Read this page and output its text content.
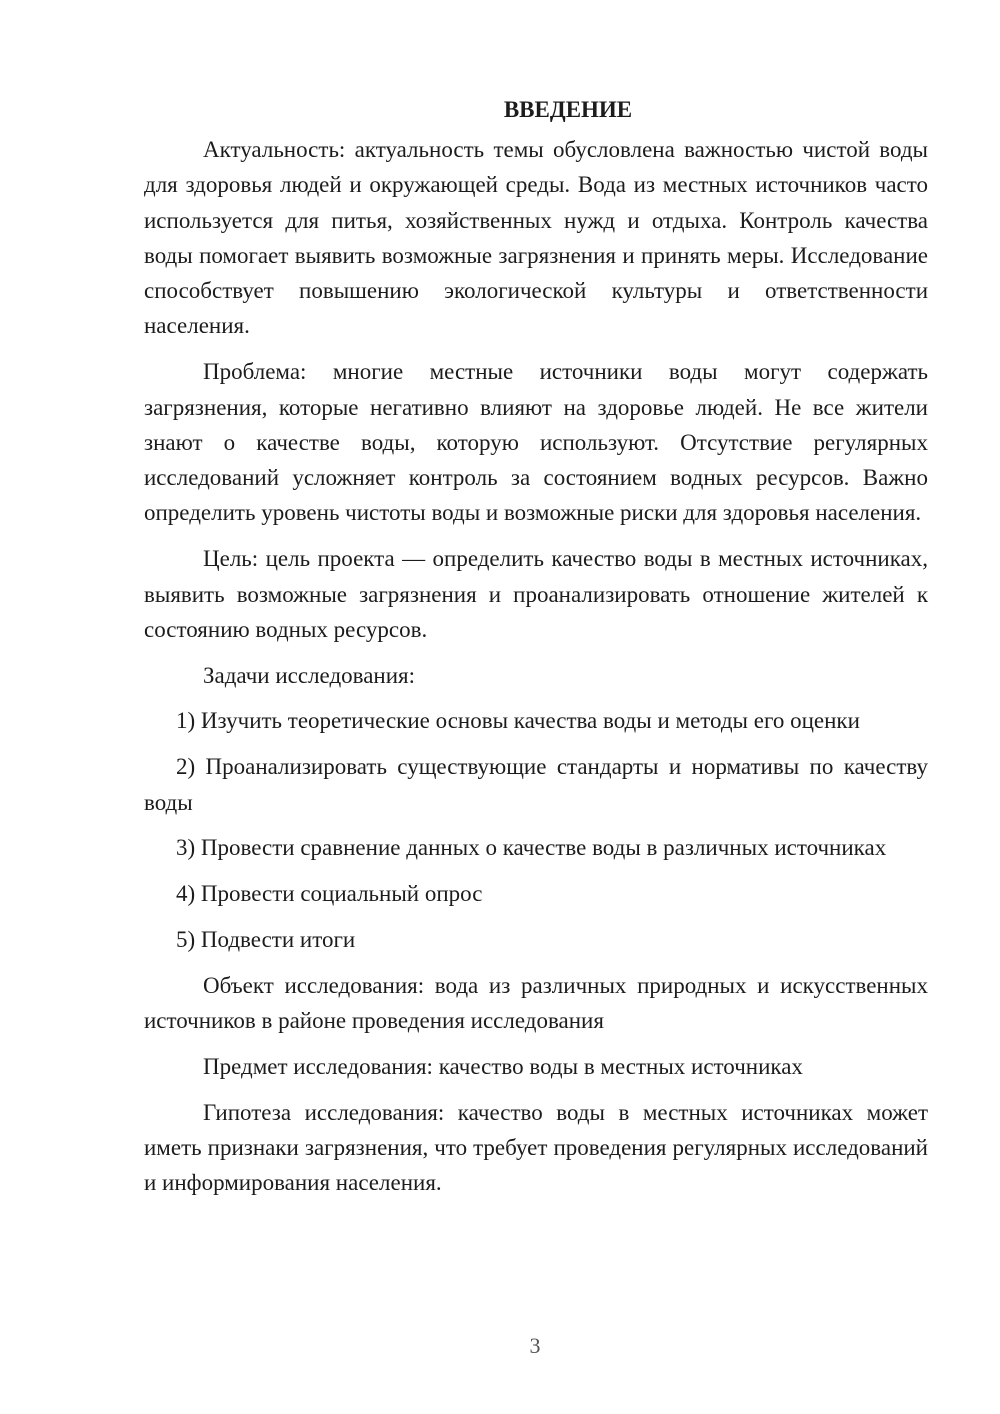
ВВЕДЕНИЕ

Актуальность: актуальность темы обусловлена важностью чистой воды для здоровья людей и окружающей среды. Вода из местных источников часто используется для питья, хозяйственных нужд и отдыха. Контроль качества воды помогает выявить возможные загрязнения и принять меры. Исследование способствует повышению экологической культуры и ответственности населения.

Проблема: многие местные источники воды могут содержать загрязнения, которые негативно влияют на здоровье людей. Не все жители знают о качестве воды, которую используют. Отсутствие регулярных исследований усложняет контроль за состоянием водных ресурсов. Важно определить уровень чистоты воды и возможные риски для здоровья населения.

Цель: цель проекта — определить качество воды в местных источниках, выявить возможные загрязнения и проанализировать отношение жителей к состоянию водных ресурсов.

Задачи исследования:

1) Изучить теоретические основы качества воды и методы его оценки

2) Проанализировать существующие стандарты и нормативы по качеству воды

3) Провести сравнение данных о качестве воды в различных источниках

4) Провести социальный опрос

5) Подвести итоги

Объект исследования: вода из различных природных и искусственных источников в районе проведения исследования

Предмет исследования: качество воды в местных источниках

Гипотеза исследования: качество воды в местных источниках может иметь признаки загрязнения, что требует проведения регулярных исследований и информирования населения.

3
